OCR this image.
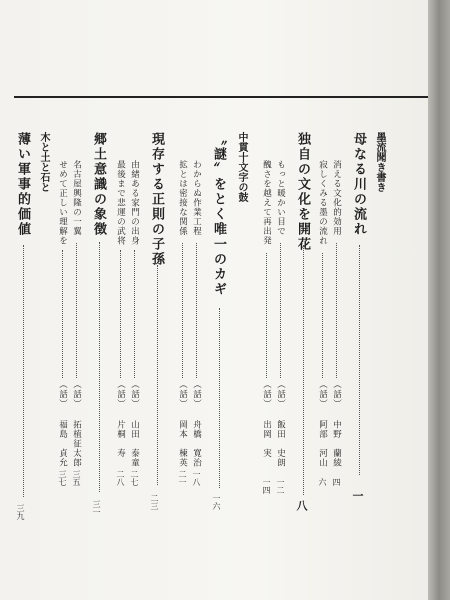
墨流聞き書き
母なる川の流れ
一
消える文化的効用
（話）
中野　蘭綾
四
寂しくみる墨の流れ
（話）
阿部　河山
六
独自の文化を開花
八
もっと暖かい目で
（話）
飯田　史朗
一二
醜さを越えて再出発
（話）
出岡　実
一四
中貫十文字の鼓
〝謎〟をとく唯一のカギ
一六
わからぬ作業工程
（話）
舟橋　寛治
一八
拡とは密接な関係
（話）
岡本　楝英
二一
現存する正則の子孫
二三
由緒ある家門の出身
（話）
山田　泰童
二七
最後まで悲運の武将
（話）
片桐　寿
二八
郷土意識の象徴
三一
名古屋興隆の一翼
（話）
拓植征太郎
三五
せめて正しい理解を
（話）
福島　貞允
三七
木と土と石と
薄い軍事的価値
三九
